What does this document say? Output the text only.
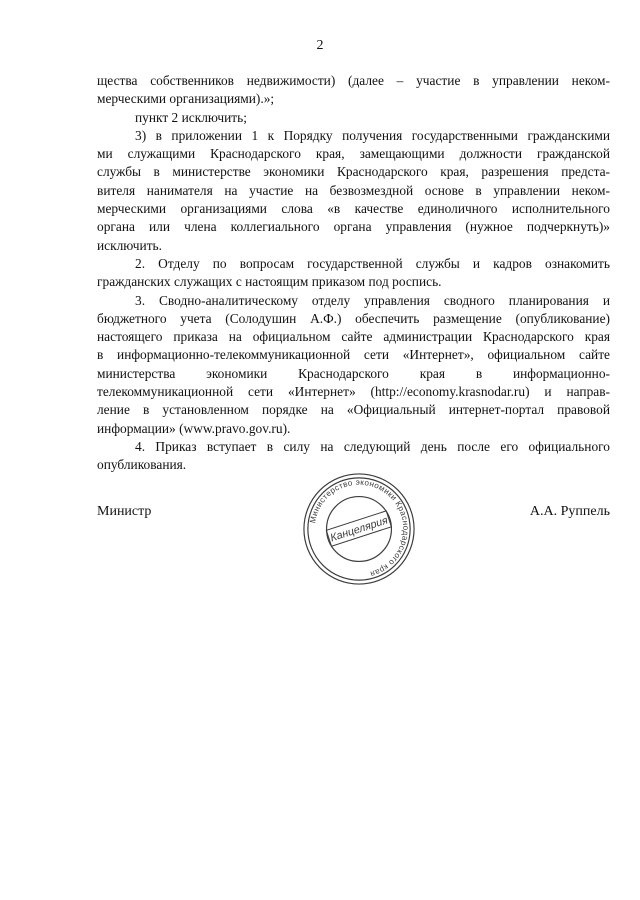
2
щества собственников недвижимости) (далее – участие в управлении неком-
мерческими организациями).»;
пункт 2 исключить;
3) в приложении 1 к Порядку получения государственными гражданскими
ми служащими Краснодарского края, замещающими должности гражданской
службы в министерстве экономики Краснодарского края, разрешения предста-
вителя нанимателя на участие на безвозмездной основе в управлении неком-
мерческими организациями слова «в качестве единоличного исполнительного
органа или члена коллегиального органа управления (нужное подчеркнуть)»
исключить.
2. Отделу по вопросам государственной службы и кадров ознакомить
гражданских служащих с настоящим приказом под роспись.
3. Сводно-аналитическому отделу управления сводного планирования и
бюджетного учета (Солодушин А.Ф.) обеспечить размещение (опубликование)
настоящего приказа на официальном сайте администрации Краснодарского края
в информационно-телекоммуникационной сети «Интернет», официальном сайте
министерства экономики Краснодарского края в информационно-
телекоммуникационной сети «Интернет» (http://economy.krasnodar.ru) и направ-
ление в установленном порядке на «Официальный интернет-портал правовой
информации» (www.pravo.gov.ru).
4. Приказ вступает в силу на следующий день после его официального
опубликования.
Министр	А.А. Руппель
Министерство экономики Краснодарского края
Канцелярия
